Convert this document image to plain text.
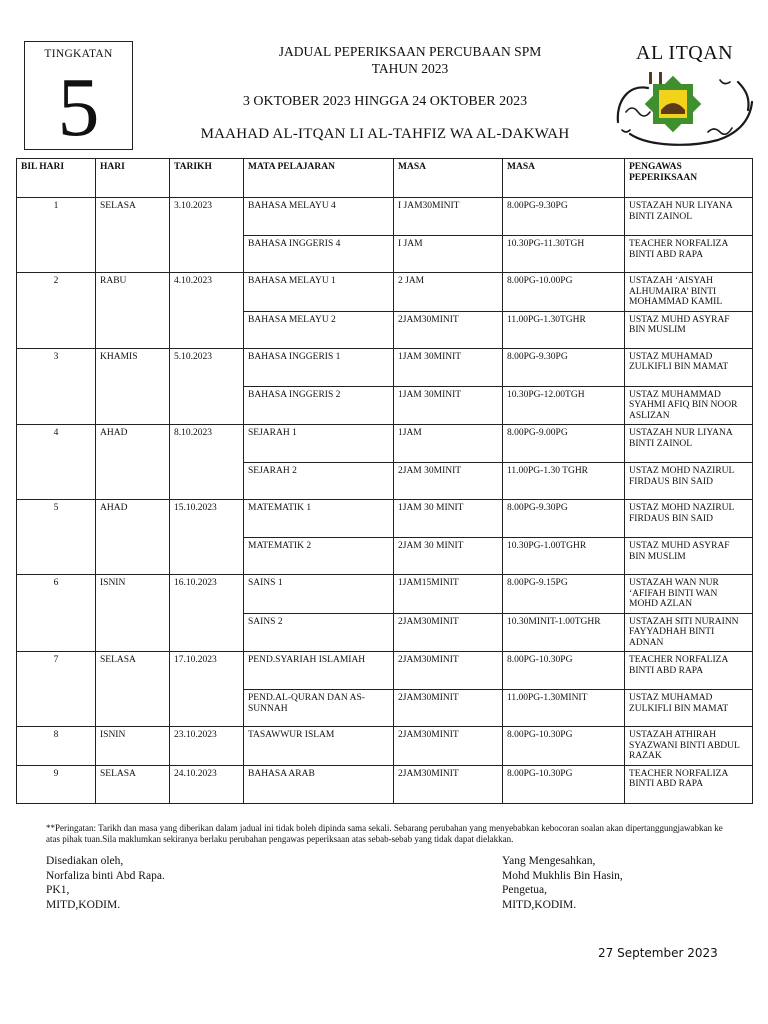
TINGKATAN
5
JADUAL PEPERIKSAAN PERCUBAAN SPM
TAHUN 2023
3 OKTOBER 2023 HINGGA 24 OKTOBER 2023
MAAHAD AL-ITQAN LI AL-TAHFIZ WA AL-DAKWAH
AL ITQAN
BIL HARI	HARI	TARIKH	MATA PELAJARAN	MASA	MASA	PENGAWAS PEPERIKSAAN
1	SELASA	3.10.2023	BAHASA MELAYU 4	I JAM30MINIT	8.00PG-9.30PG	USTAZAH NUR LIYANA BINTI ZAINOL
			BAHASA INGGERIS 4	I JAM	10.30PG-11.30TGH	TEACHER NORFALIZA BINTI ABD RAPA
2	RABU	4.10.2023	BAHASA MELAYU 1	2 JAM	8.00PG-10.00PG	USTAZAH ‘AISYAH ALHUMAIRA’ BINTI MOHAMMAD KAMIL
			BAHASA MELAYU 2	2JAM30MINIT	11.00PG-1.30TGHR	USTAZ MUHD ASYRAF BIN MUSLIM
3	KHAMIS	5.10.2023	BAHASA INGGERIS 1	1JAM 30MINIT	8.00PG-9.30PG	USTAZ MUHAMAD ZULKIFLI BIN MAMAT
			BAHASA INGGERIS 2	1JAM 30MINIT	10.30PG-12.00TGH	USTAZ MUHAMMAD SYAHMI AFIQ BIN NOOR ASLIZAN
4	AHAD	8.10.2023	SEJARAH 1	1JAM	8.00PG-9.00PG	USTAZAH NUR LIYANA BINTI ZAINOL
			SEJARAH 2	2JAM 30MINIT	11.00PG-1.30 TGHR	USTAZ MOHD NAZIRUL FIRDAUS BIN SAID
5	AHAD	15.10.2023	MATEMATIK 1	1JAM 30 MINIT	8.00PG-9.30PG	USTAZ MOHD NAZIRUL FIRDAUS BIN SAID
			MATEMATIK 2	2JAM 30 MINIT	10.30PG-1.00TGHR	USTAZ MUHD ASYRAF BIN MUSLIM
6	ISNIN	16.10.2023	SAINS 1	1JAM15MINIT	8.00PG-9.15PG	USTAZAH WAN NUR ‘AFIFAH BINTI WAN MOHD AZLAN
			SAINS 2	2JAM30MINIT	10.30MINIT-1.00TGHR	USTAZAH SITI NURAINN FAYYADHAH BINTI ADNAN
7	SELASA	17.10.2023	PEND.SYARIAH ISLAMIAH	2JAM30MINIT	8.00PG-10.30PG	TEACHER NORFALIZA BINTI ABD RAPA
			PEND.AL-QURAN DAN AS-SUNNAH	2JAM30MINIT	11.00PG-1.30MINIT	USTAZ MUHAMAD ZULKIFLI BIN MAMAT
8	ISNIN	23.10.2023	TASAWWUR ISLAM	2JAM30MINIT	8.00PG-10.30PG	USTAZAH ATHIRAH SYAZWANI BINTI ABDUL RAZAK
9	SELASA	24.10.2023	BAHASA ARAB	2JAM30MINIT	8.00PG-10.30PG	TEACHER NORFALIZA BINTI ABD RAPA
**Peringatan: Tarikh dan masa yang diberikan dalam jadual ini tidak boleh dipinda sama sekali. Sebarang perubahan yang menyebabkan kebocoran soalan akan dipertanggungjawabkan ke atas pihak tuan.Sila maklumkan sekiranya berlaku perubahan pengawas peperiksaan atas sebab-sebab yang tidak dapat dielakkan.
Disediakan oleh,
Norfaliza binti Abd Rapa.
PK1,
MITD,KODIM.
Yang Mengesahkan,
Mohd Mukhlis Bin Hasin,
Pengetua,
MITD,KODIM.
27 September 2023
